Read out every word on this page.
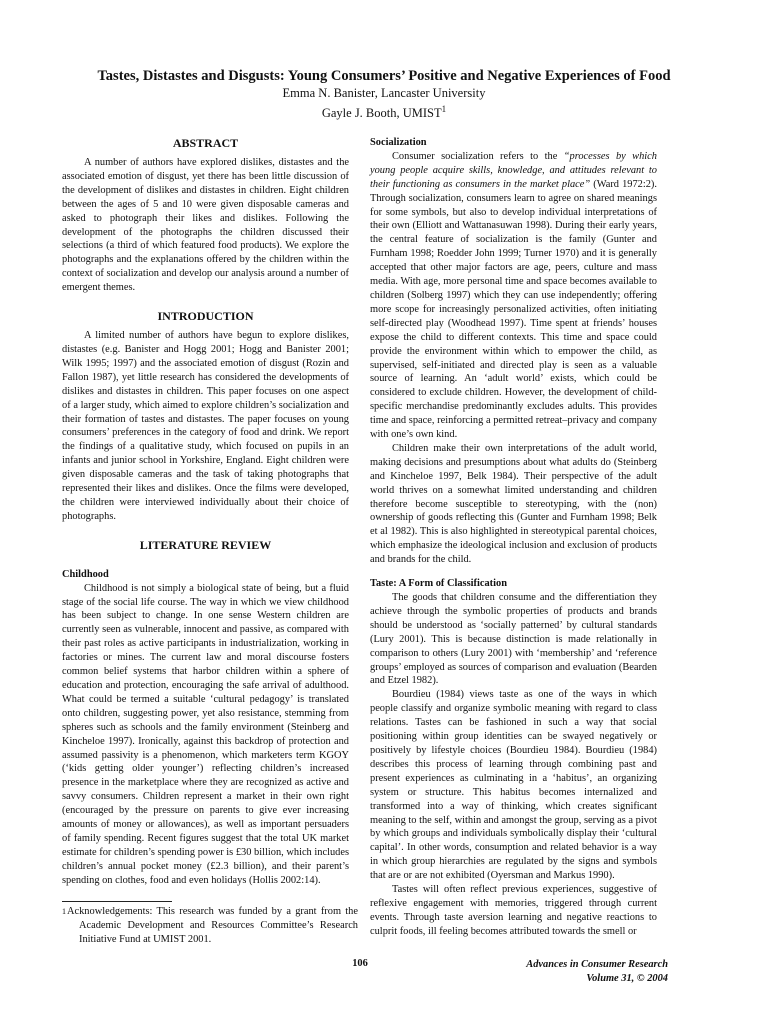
Tastes, Distastes and Disgusts: Young Consumers’ Positive and Negative Experiences of Food
Emma N. Banister, Lancaster University
Gayle J. Booth, UMIST$^1$
ABSTRACT

A number of authors have explored dislikes, distastes and the associated emotion of disgust, yet there has been little discussion of the development of dislikes and distastes in children. Eight children between the ages of 5 and 10 were given disposable cameras and asked to photograph their likes and dislikes. Following the development of the photographs the children discussed their selections (a third of which featured food products). We explore the photographs and the explanations offered by the children within the context of socialization and develop our analysis around a number of emergent themes.

INTRODUCTION

A limited number of authors have begun to explore dislikes, distastes (e.g. Banister and Hogg 2001; Hogg and Banister 2001; Wilk 1995; 1997) and the associated emotion of disgust (Rozin and Fallon 1987), yet little research has considered the developments of dislikes and distastes in children. This paper focuses on one aspect of a larger study, which aimed to explore children’s socialization and their formation of tastes and distastes. The paper focuses on young consumers’ preferences in the category of food and drink. We report the findings of a qualitative study, which focused on pupils in an infants and junior school in Yorkshire, England. Eight children were given disposable cameras and the task of taking photographs that represented their likes and dislikes. Once the films were developed, the children were interviewed individually about their choice of photographs.

LITERATURE REVIEW
Childhood

Childhood is not simply a biological state of being, but a fluid stage of the social life course. The way in which we view childhood has been subject to change. In one sense Western children are currently seen as vulnerable, innocent and passive, as compared with their past roles as active participants in industrialization, working in factories or mines. The current law and moral discourse fosters common belief systems that harbor children within a sphere of education and protection, encouraging the safe arrival of adulthood. What could be termed a suitable ‘cultural pedagogy’ is translated onto children, suggesting power, yet also resistance, stemming from spheres such as schools and the family environment (Steinberg and Kincheloe 1997). Ironically, against this backdrop of protection and assumed passivity is a phenomenon, which marketers term KGOY (‘kids getting older younger’) reflecting children’s increased presence in the marketplace where they are recognized as active and savvy consumers. Children represent a market in their own right (encouraged by the pressure on parents to give ever increasing amounts of money or allowances), as well as important persuaders of family spending. Recent figures suggest that the total UK market estimate for children’s spending power is £30 billion, which includes children’s annual pocket money (£2.3 billion), and their parent’s spending on clothes, food and even holidays (Hollis 2002:14).

$^1$Acknowledgements: This research was funded by a grant from the Academic Development and Resources Committee’s Research Initiative Fund at UMIST 2001.
Socialization

Consumer socialization refers to the “processes by which young people acquire skills, knowledge, and attitudes relevant to their functioning as consumers in the market place” (Ward 1972:2). Through socialization, consumers learn to agree on shared meanings for some symbols, but also to develop individual interpretations of their own (Elliott and Wattanasuwan 1998). During their early years, the central feature of socialization is the family (Gunter and Furnham 1998; Roedder John 1999; Turner 1970) and it is generally accepted that other major factors are age, peers, culture and mass media. With age, more personal time and space becomes available to children (Solberg 1997) which they can use independently; offering more scope for increasingly personalized activities, often initiating self-directed play (Woodhead 1997). Time spent at friends’ houses expose the child to different contexts. This time and space could provide the environment within which to empower the child, as supervised, self-initiated and directed play is seen as a valuable source of learning. An ‘adult world’ exists, which could be considered to exclude children. However, the development of child-specific merchandise predominantly excludes adults. This provides time and space, reinforcing a permitted retreat–privacy and company with one’s own kind.

Children make their own interpretations of the adult world, making decisions and presumptions about what adults do (Steinberg and Kincheloe 1997, Belk 1984). Their perspective of the adult world thrives on a somewhat limited understanding and children therefore become susceptible to stereotyping, with the (non) ownership of goods reflecting this (Gunter and Furnham 1998; Belk et al 1982). This is also highlighted in stereotypical parental choices, which emphasize the ideological inclusion and exclusion of products and brands for the child.

Taste: A Form of Classification

The goods that children consume and the differentiation they achieve through the symbolic properties of products and brands should be understood as ‘socially patterned’ by cultural standards (Lury 2001). This is because distinction is made relationally in comparison to others (Lury 2001) with ‘membership’ and ‘reference groups’ employed as sources of comparison and evaluation (Bearden and Etzel 1982).

Bourdieu (1984) views taste as one of the ways in which people classify and organize symbolic meaning with regard to class relations. Tastes can be fashioned in such a way that social positioning within group identities can be swayed negatively or positively by lifestyle choices (Bourdieu 1984). Bourdieu (1984) describes this process of learning through combining past and present experiences as culminating in a ‘habitus’, an organizing system or structure. This habitus becomes internalized and transformed into a way of thinking, which creates significant meaning to the self, within and amongst the group, serving as a pivot by which groups and individuals symbolically display their ‘cultural capital’. In other words, consumption and related behavior is a way in which group hierarchies are regulated by the signs and symbols that are or are not exhibited (Oyersman and Markus 1990).

Tastes will often reflect previous experiences, suggestive of reflexive engagement with memories, triggered through current events. Through taste aversion learning and negative reactions to culprit foods, ill feeling becomes attributed towards the smell or

106	Advances in Consumer Research
Volume 31, © 2004
